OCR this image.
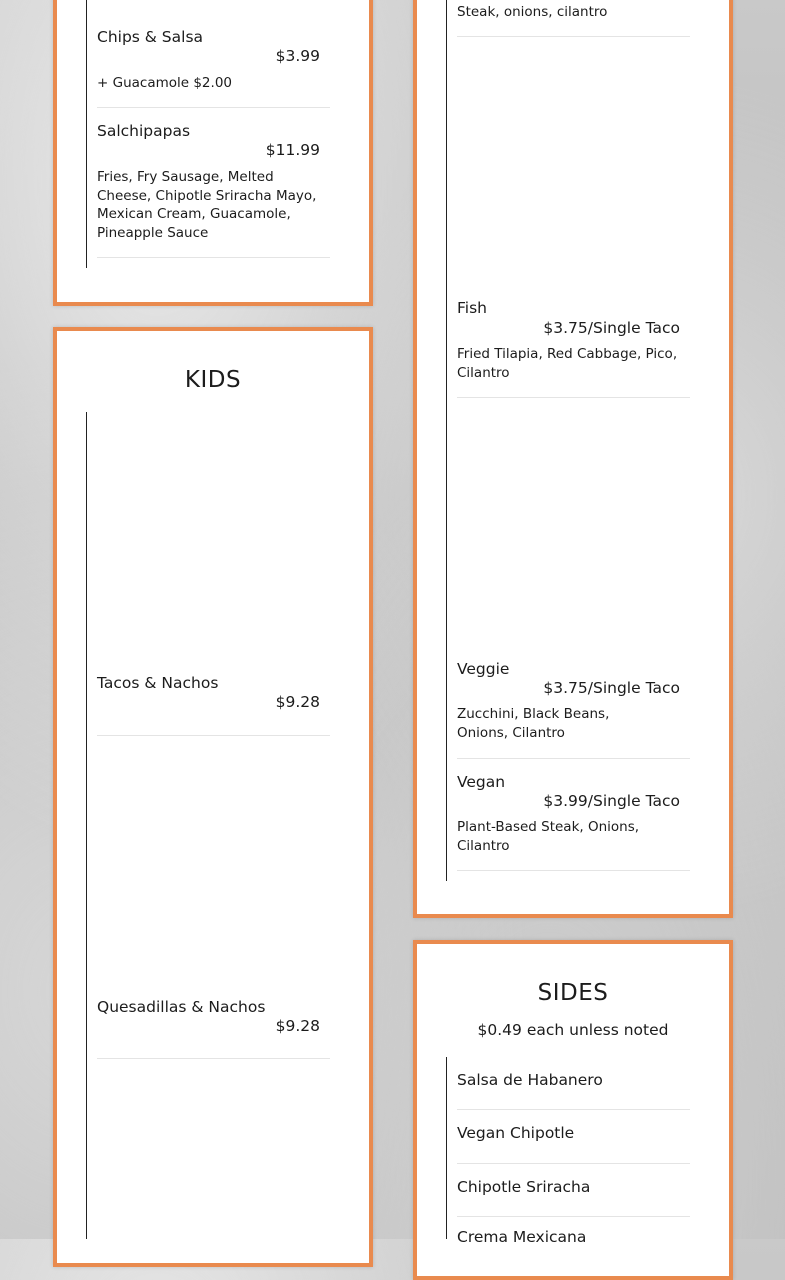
Chips & Salsa
$3.99
+ Guacamole $2.00
Salchipapas
$11.99
Fries, Fry Sausage, Melted Cheese, Chipotle Sriracha Mayo, Mexican Cream, Guacamole, Pineapple Sauce
KIDS
Tacos & Nachos
$9.28
Quesadillas & Nachos
$9.28
Steak, onions, cilantro
Fish
$3.75/Single Taco
Fried Tilapia, Red Cabbage, Pico, Cilantro
Veggie
$3.75/Single Taco
Zucchini, Black Beans, Onions, Cilantro
Vegan
$3.99/Single Taco
Plant-Based Steak, Onions, Cilantro
SIDES
$0.49 each unless noted
Salsa de Habanero
Vegan Chipotle
Chipotle Sriracha
Crema Mexicana
